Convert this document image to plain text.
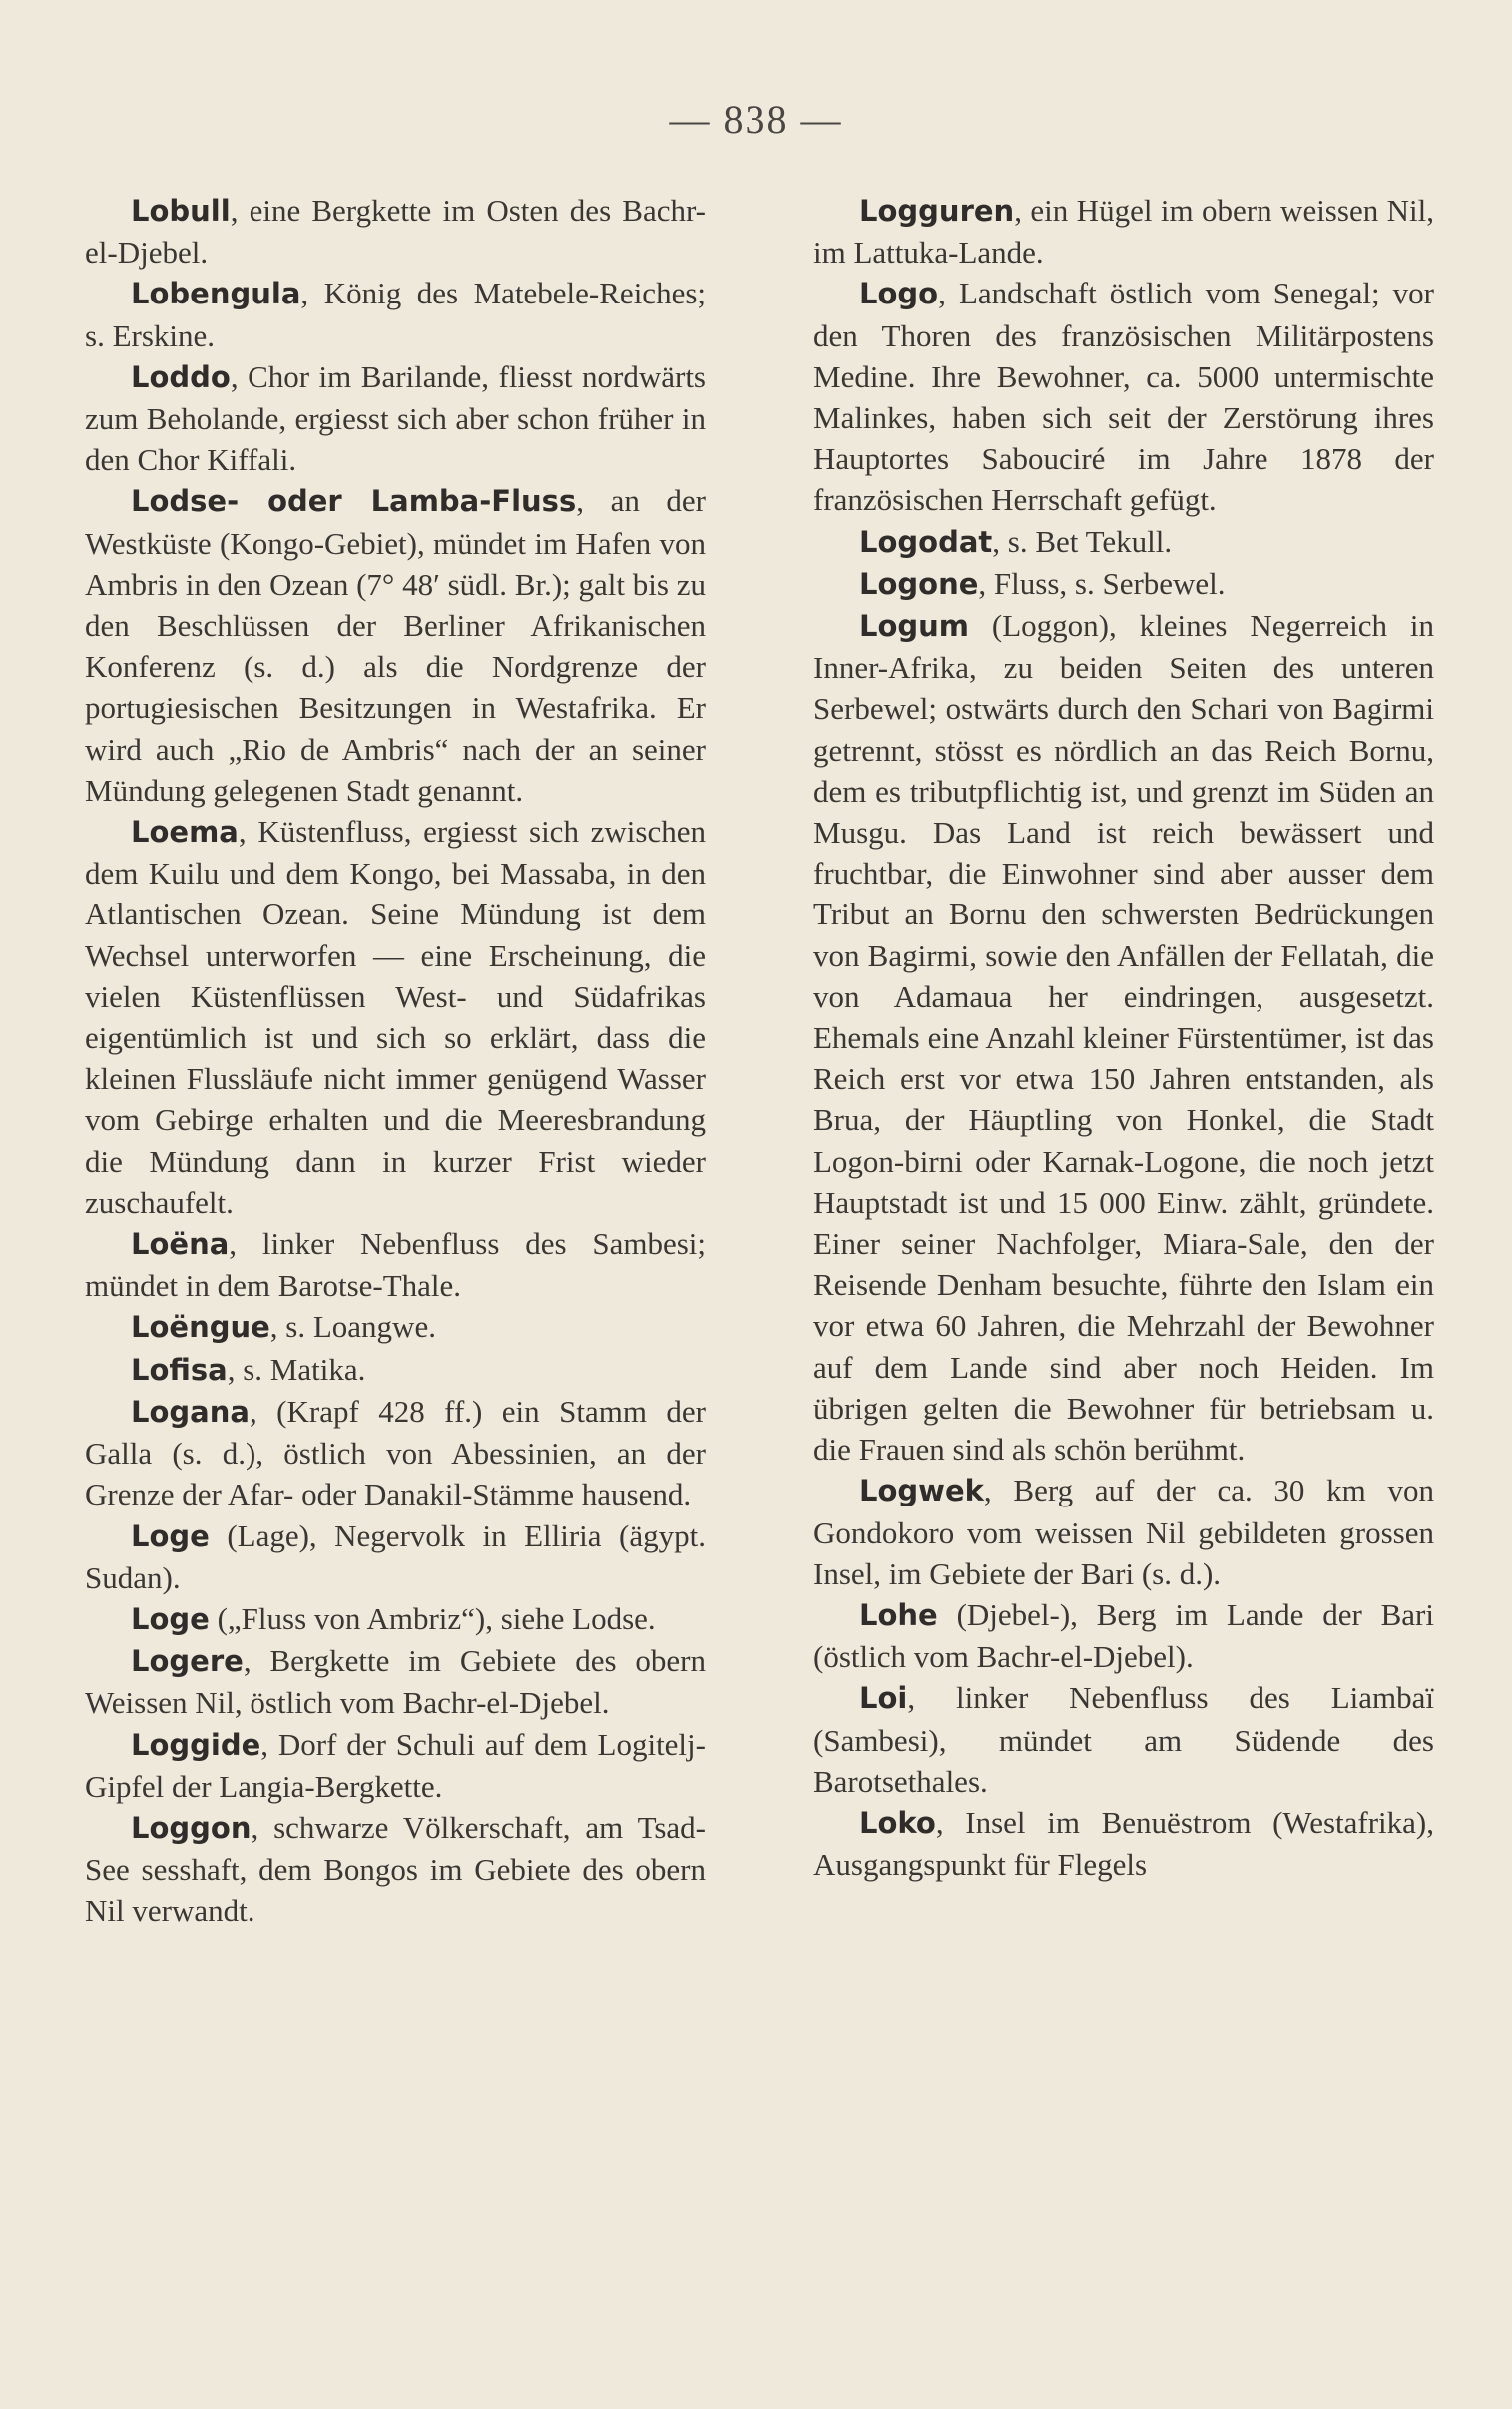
— 838 —

Lobull, eine Bergkette im Osten des Bachr-el-Djebel.

Lobengula, König des Matebele-Reiches; s. Erskine.

Loddo, Chor im Barilande, fliesst nordwärts zum Beholande, ergiesst sich aber schon früher in den Chor Kiffali.

Lodse- oder Lamba-Fluss, an der Westküste (Kongo-Gebiet), mündet im Hafen von Ambris in den Ozean (7° 48′ südl. Br.); galt bis zu den Beschlüssen der Berliner Afrikanischen Konferenz (s. d.) als die Nordgrenze der portugiesischen Besitzungen in Westafrika. Er wird auch „Rio de Ambris“ nach der an seiner Mündung gelegenen Stadt genannt.

Loema, Küstenfluss, ergiesst sich zwischen dem Kuilu und dem Kongo, bei Massaba, in den Atlantischen Ozean. Seine Mündung ist dem Wechsel unterworfen — eine Erscheinung, die vielen Küstenflüssen West- und Südafrikas eigentümlich ist und sich so erklärt, dass die kleinen Flussläufe nicht immer genügend Wasser vom Gebirge erhalten und die Meeresbrandung die Mündung dann in kurzer Frist wieder zuschaufelt.

Loëna, linker Nebenfluss des Sambesi; mündet in dem Barotse-Thale.

Loëngue, s. Loangwe.

Lofisa, s. Matika.

Logana, (Krapf 428 ff.) ein Stamm der Galla (s. d.), östlich von Abessinien, an der Grenze der Afar- oder Danakil-Stämme hausend.

Loge (Lage), Negervolk in Elliria (ägypt. Sudan).

Loge („Fluss von Ambriz“), siehe Lodse.

Logere, Bergkette im Gebiete des obern Weissen Nil, östlich vom Bachr-el-Djebel.

Loggide, Dorf der Schuli auf dem Logitelj-Gipfel der Langia-Bergkette.

Loggon, schwarze Völkerschaft, am Tsad-See sesshaft, dem Bongos im Gebiete des obern Nil verwandt.

Logguren, ein Hügel im obern weissen Nil, im Lattuka-Lande.

Logo, Landschaft östlich vom Senegal; vor den Thoren des französischen Militärpostens Medine. Ihre Bewohner, ca. 5000 untermischte Malinkes, haben sich seit der Zerstörung ihres Hauptortes Sabouciré im Jahre 1878 der französischen Herrschaft gefügt.

Logodat, s. Bet Tekull.

Logone, Fluss, s. Serbewel.

Logum (Loggon), kleines Negerreich in Inner-Afrika, zu beiden Seiten des unteren Serbewel; ostwärts durch den Schari von Bagirmi getrennt, stösst es nördlich an das Reich Bornu, dem es tributpflichtig ist, und grenzt im Süden an Musgu. Das Land ist reich bewässert und fruchtbar, die Einwohner sind aber ausser dem Tribut an Bornu den schwersten Bedrückungen von Bagirmi, sowie den Anfällen der Fellatah, die von Adamaua her eindringen, ausgesetzt. Ehemals eine Anzahl kleiner Fürstentümer, ist das Reich erst vor etwa 150 Jahren entstanden, als Brua, der Häuptling von Honkel, die Stadt Logon-birni oder Karnak-Logone, die noch jetzt Hauptstadt ist und 15 000 Einw. zählt, gründete. Einer seiner Nachfolger, Miara-Sale, den der Reisende Denham besuchte, führte den Islam ein vor etwa 60 Jahren, die Mehrzahl der Bewohner auf dem Lande sind aber noch Heiden. Im übrigen gelten die Bewohner für betriebsam u. die Frauen sind als schön berühmt.

Logwek, Berg auf der ca. 30 km von Gondokoro vom weissen Nil gebildeten grossen Insel, im Gebiete der Bari (s. d.).

Lohe (Djebel-), Berg im Lande der Bari (östlich vom Bachr-el-Djebel).

Loi, linker Nebenfluss des Liambaï (Sambesi), mündet am Südende des Barotsethales.

Loko, Insel im Benuëstrom (Westafrika), Ausgangspunkt für Flegels
